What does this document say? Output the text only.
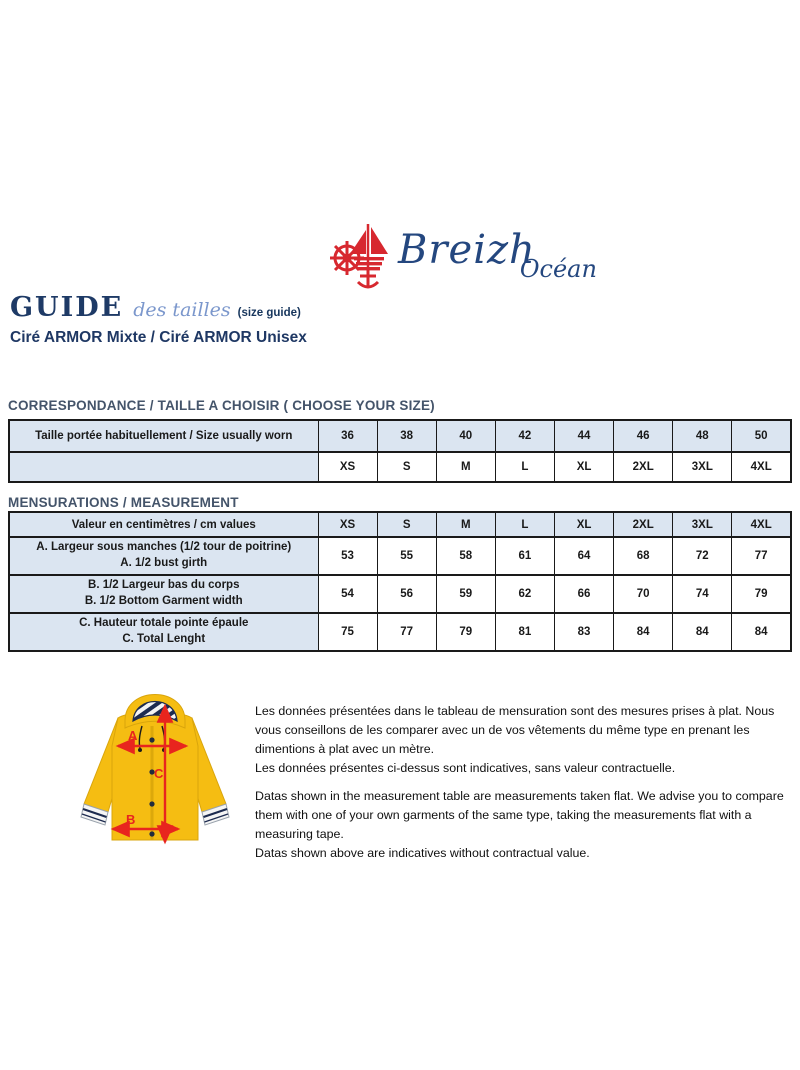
BreizhOcéan
GUIDE des tailles (size guide)
Ciré ARMOR Mixte / Ciré ARMOR Unisex
CORRESPONDANCE / TAILLE A CHOISIR ( CHOOSE YOUR SIZE)
Taille portée habituellement / Size usually worn	36	38	40	42	44	46	48	50
	XS	S	M	L	XL	2XL	3XL	4XL
MENSURATIONS / MEASUREMENT
Valeur en centimètres / cm values	XS	S	M	L	XL	2XL	3XL	4XL

A. Largeur sous manches (1/2 tour de poitrine)
A. 1/2 bust girth	53	55	58	61	64	68	72	77

B. 1/2 Largeur bas du corps
B. 1/2 Bottom Garment width	54	56	59	62	66	70	74	79

C. Hauteur totale pointe épaule
C. Total Lenght	75	77	79	81	83	84	84	84
A
C
B

Les données présentées dans le tableau de mensuration sont des mesures prises à plat. Nous vous conseillons de les comparer avec un de vos vêtements du même type en prenant les dimentions à plat avec un mètre.

Les données présentes ci-dessus sont indicatives, sans valeur contractuelle.

Datas shown in the measurement table are measurements taken flat. We advise you to compare them with one of your own garments of the same type, taking the measurements flat with a measuring tape.

Datas shown above are indicatives without contractual value.
